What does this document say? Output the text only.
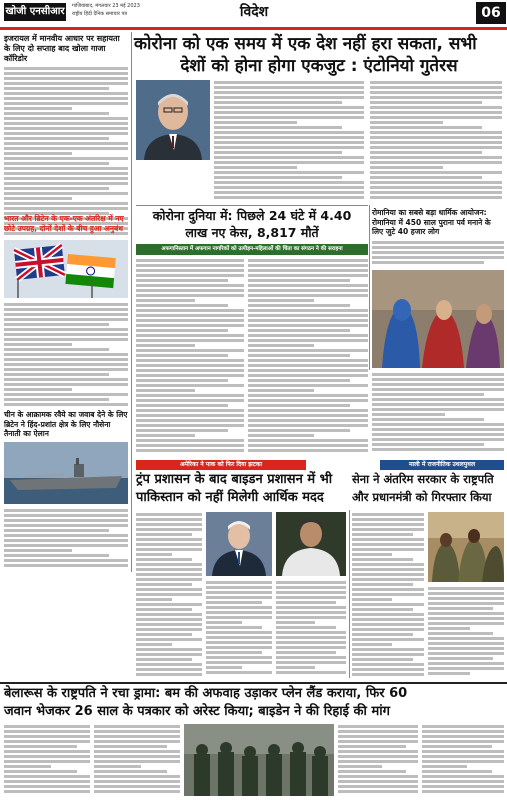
खोजी एनसीआर	गाजियाबाद, मंगलवार 23 मई 2023
राष्ट्रीय हिंदी दैनिक समाचार पत्र	विदेश	06
कोरोना को एक समय में एक देश नहीं हरा सकता, सभी
देशों को होना होगा एकजुट : एंटोनियो गुतेरस
इजरायल में मानवीय आधार पर सहायता के लिए दो सप्ताह बाद खोला गाजा कॉरिडोर
भारत और ब्रिटेन के एक-एक अंतरिक्ष में नए छोटे उपग्रह, दोनों देशों के बीच हुआ अनुबंध
चीन के आक्रामक रवैये का जवाब देने के लिए ब्रिटेन ने हिंद-प्रशांत क्षेत्र के लिए नौसेना तैनाती का ऐलान
कोरोना दुनिया में: पिछले 24 घंटे में 4.40
लाख नए केस, 8,817 मौतें
अफगानिस्तान में अफगान नागरिकों को उत्पीड़न-महिलाओं की चिंता का संगठन ने की सराहना
रोमानिया का सबसे बड़ा धार्मिक आयोजन: रोमानिया में 450 साल पुराना पर्व मनाने के लिए जुटे 40 हजार लोग
अमेरिका ने पाक को फिर दिया झटका
ट्रंप प्रशासन के बाद बाइडन प्रशासन में भी
पाकिस्तान को नहीं मिलेगी आर्थिक मदद
माली में राजनीतिक उथलपुथल
सेना ने अंतरिम सरकार के राष्ट्रपति
और प्रधानमंत्री को गिरफ्तार किया
बेलारूस के राष्ट्रपति ने रचा ड्रामा: बम की अफवाह उड़ाकर प्लेन लैंड कराया, फिर 60
जवान भेजकर 26 साल के पत्रकार को अरेस्ट किया; बाइडेन ने की रिहाई की मांग
